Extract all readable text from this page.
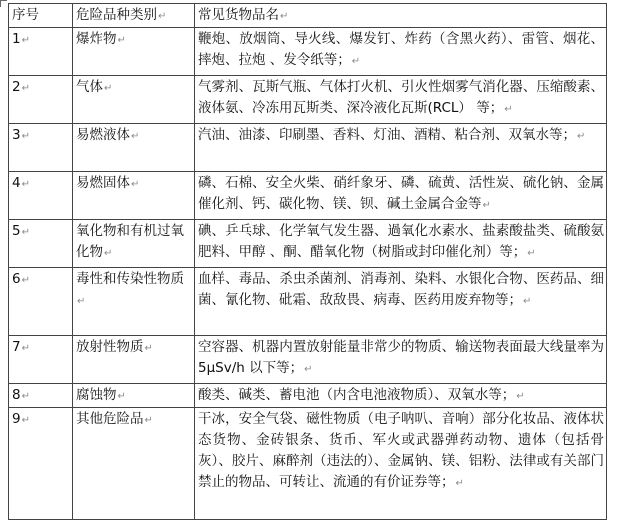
序号	危险品种类别↵	常见货物品名↵
1↵	爆炸物↵	鞭炮、放烟筒、导火线、爆发钉、炸药（含黑火药）、雷管、烟花、摔炮、拉炮 、发令纸等；↵
2↵	气体↵	气雾剂、瓦斯气瓶、气体打火机、引火性烟雾气消化器、压缩酸素、液体氨、冷冻用瓦斯类、深冷液化瓦斯(RCL） 等；↵
3↵	易燃液体↵	汽油、油漆、印刷墨、香料、灯油、酒精、粘合剂、双氧水等；↵
4↵	易燃固体↵	磷、石棉、安全火柴、硝纤象牙、磷、硫黄、活性炭、硫化钠、金属催化剂、钙、碳化物、镁、钡、碱土金属合金等↵
5↵	氧化物和有机过氧化物↵	碘、乒乓球、化学氧气发生器、過氧化水素水、盐素酸盐类、硫酸氨肥料、甲醇 、酮、醋氧化物（树脂或封印催化剂）等；↵
6↵	毒性和传染性物质↵	血样、毒品、杀虫杀菌剂、消毒剂、染料、水银化合物、医药品、细菌、氰化物、砒霜、敌敌畏、病毒、医药用废弃物等；↵
7↵	放射性物质↵	空容器、机器内置放射能量非常少的物质、输送物表面最大线量率为 5μSv/h 以下等；↵
8↵	腐蚀物↵	酸类、碱类、蓄电池（内含电池液物质）、双氧水等；↵
9↵	其他危险品↵	干冰，安全气袋、磁性物质（电子呐叭、音响）部分化妆品、液体状态货物、金砖银条、货币、军火或武器弹药动物、遗体（包括骨灰）、胶片、麻醉剂（违法的）、金属钠、镁、铝粉、法律或有关部门禁止的物品、可转让、流通的有价证券等；↵
